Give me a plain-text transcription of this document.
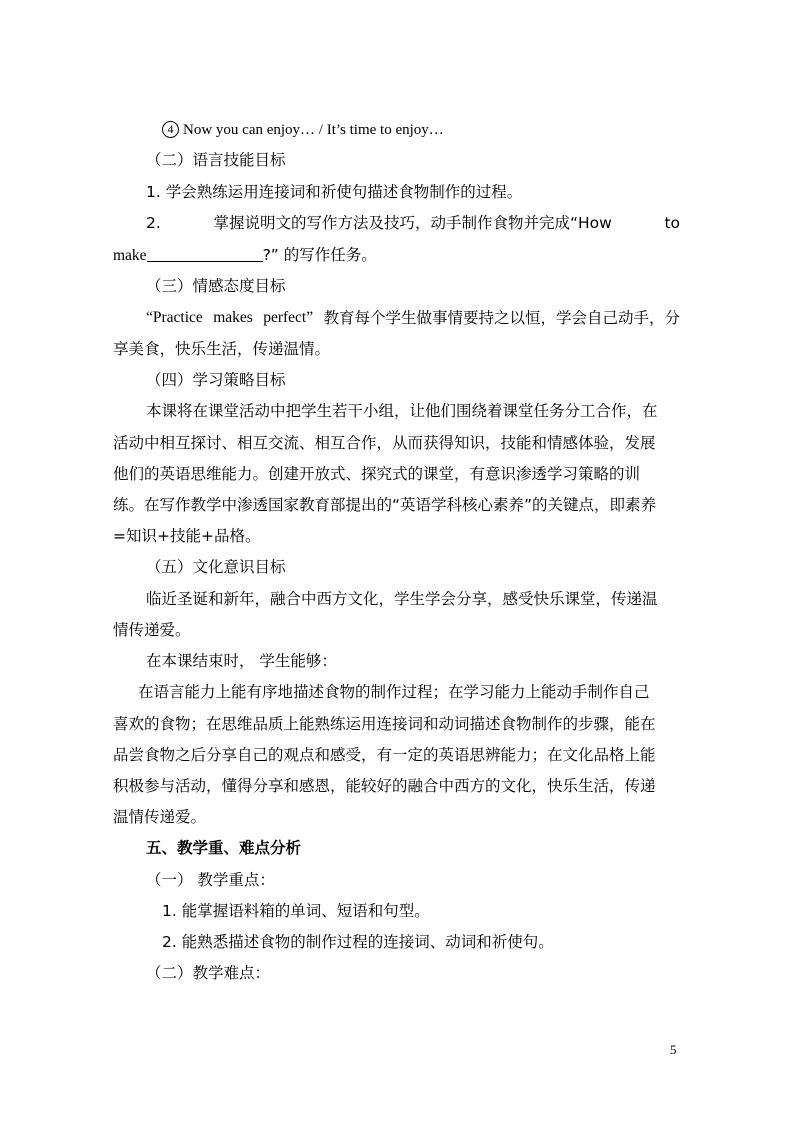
4 Now you can enjoy… / It’s time to enjoy…
（二）语言技能目标
1. 学会熟练运用连接词和祈使句描述食物制作的过程。
2.	掌握说明文的写作方法及技巧，动手制作食物并完成“How	to
make	?” 的写作任务。
（三）情感态度目标
“Practice makes perfect” 教育每个学生做事情要持之以恒，学会自己动手，分
享美食，快乐生活，传递温情。
（四）学习策略目标
本课将在课堂活动中把学生若干小组，让他们围绕着课堂任务分工合作，在
活动中相互探讨、相互交流、相互合作，从而获得知识，技能和情感体验，发展
他们的英语思维能力。创建开放式、探究式的课堂，有意识渗透学习策略的训
练。在写作教学中渗透国家教育部提出的“英语学科核心素养”的关键点，即素养
=知识+技能+品格。
（五）文化意识目标
临近圣诞和新年，融合中西方文化，学生学会分享，感受快乐课堂，传递温
情传递爱。
在本课结束时， 学生能够：
在语言能力上能有序地描述食物的制作过程；在学习能力上能动手制作自己
喜欢的食物；在思维品质上能熟练运用连接词和动词描述食物制作的步骤，能在
品尝食物之后分享自己的观点和感受，有一定的英语思辨能力；在文化品格上能
积极参与活动，懂得分享和感恩，能较好的融合中西方的文化，快乐生活，传递
温情传递爱。
五、教学重、难点分析
（一） 教学重点：
1. 能掌握语料箱的单词、短语和句型。
2. 能熟悉描述食物的制作过程的连接词、动词和祈使句。
（二）教学难点：
5
